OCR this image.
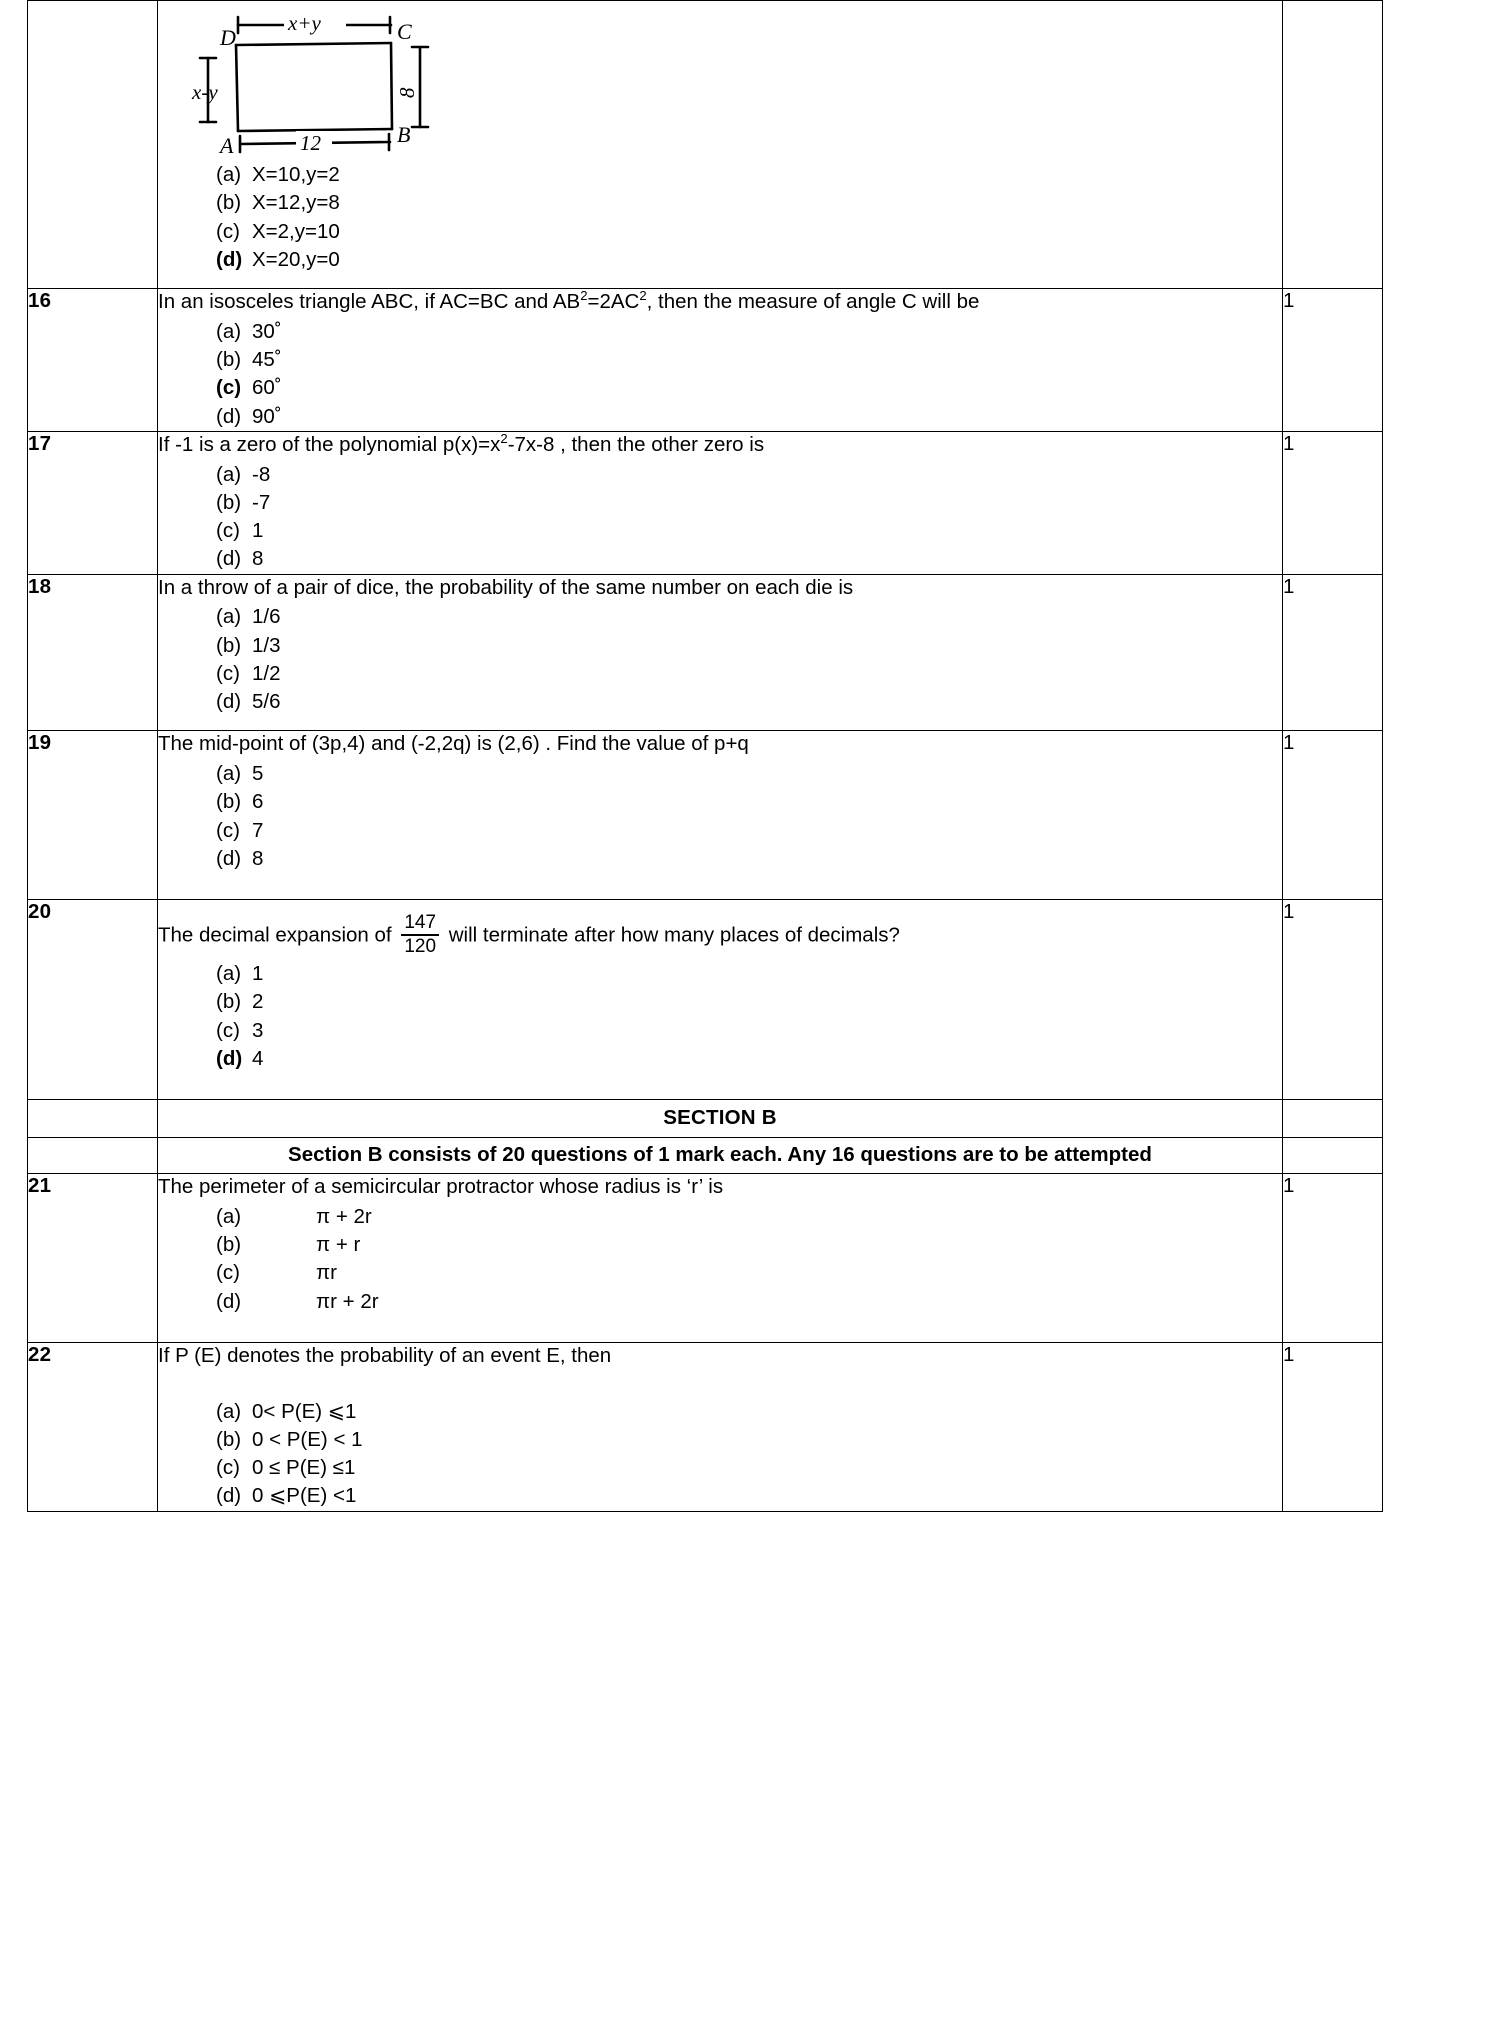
D	C
A	B
x+y
12
x-y	8
(a) X=10,y=2
(b) X=12,y=8
(c) X=2,y=10
(d) X=20,y=0

16	In an isosceles triangle ABC, if AC=BC and $AB^2=2AC^2$, then the measure of angle C will be

(a) 30˚
(b) 45˚
(c) 60˚
(d) 90˚
	1
17	If -1 is a zero of the polynomial $p(x)=x^2-7x-8$ , then the other zero is

(a) -8
(b) -7
(c) 1
(d) 8
	1
18	In a throw of a pair of dice, the probability of the same number on each die is

(a) 1/6
(b) 1/3
(c) 1/2
(d) 5/6
	1
19	The mid-point of (3p,4) and (-2,2q) is (2,6) . Find the value of p+q

(a) 5
(b) 6
(c) 7
(d) 8
	1
20	

The decimal expansion of $\frac{147}{120}$ will terminate after how many places of decimals?

(a) 1
(b) 2
(c) 3
(d) 4
	1

	SECTION B	

	Section B consists of 20 questions of 1 mark each. Any 16 questions are to be attempted	

21	The perimeter of a semicircular protractor whose radius is ‘r’ is

(a)	π + 2r
(b)	π + r
(c)	πr
(d)	πr + 2r
	1
22	If P (E) denotes the probability of an event E, then

(a) 0< P(E) ⩽1
(b) 0 < P(E) < 1
(c) 0 ≤ P(E) ≤1
(d) 0 ⩽P(E) <1
	1
